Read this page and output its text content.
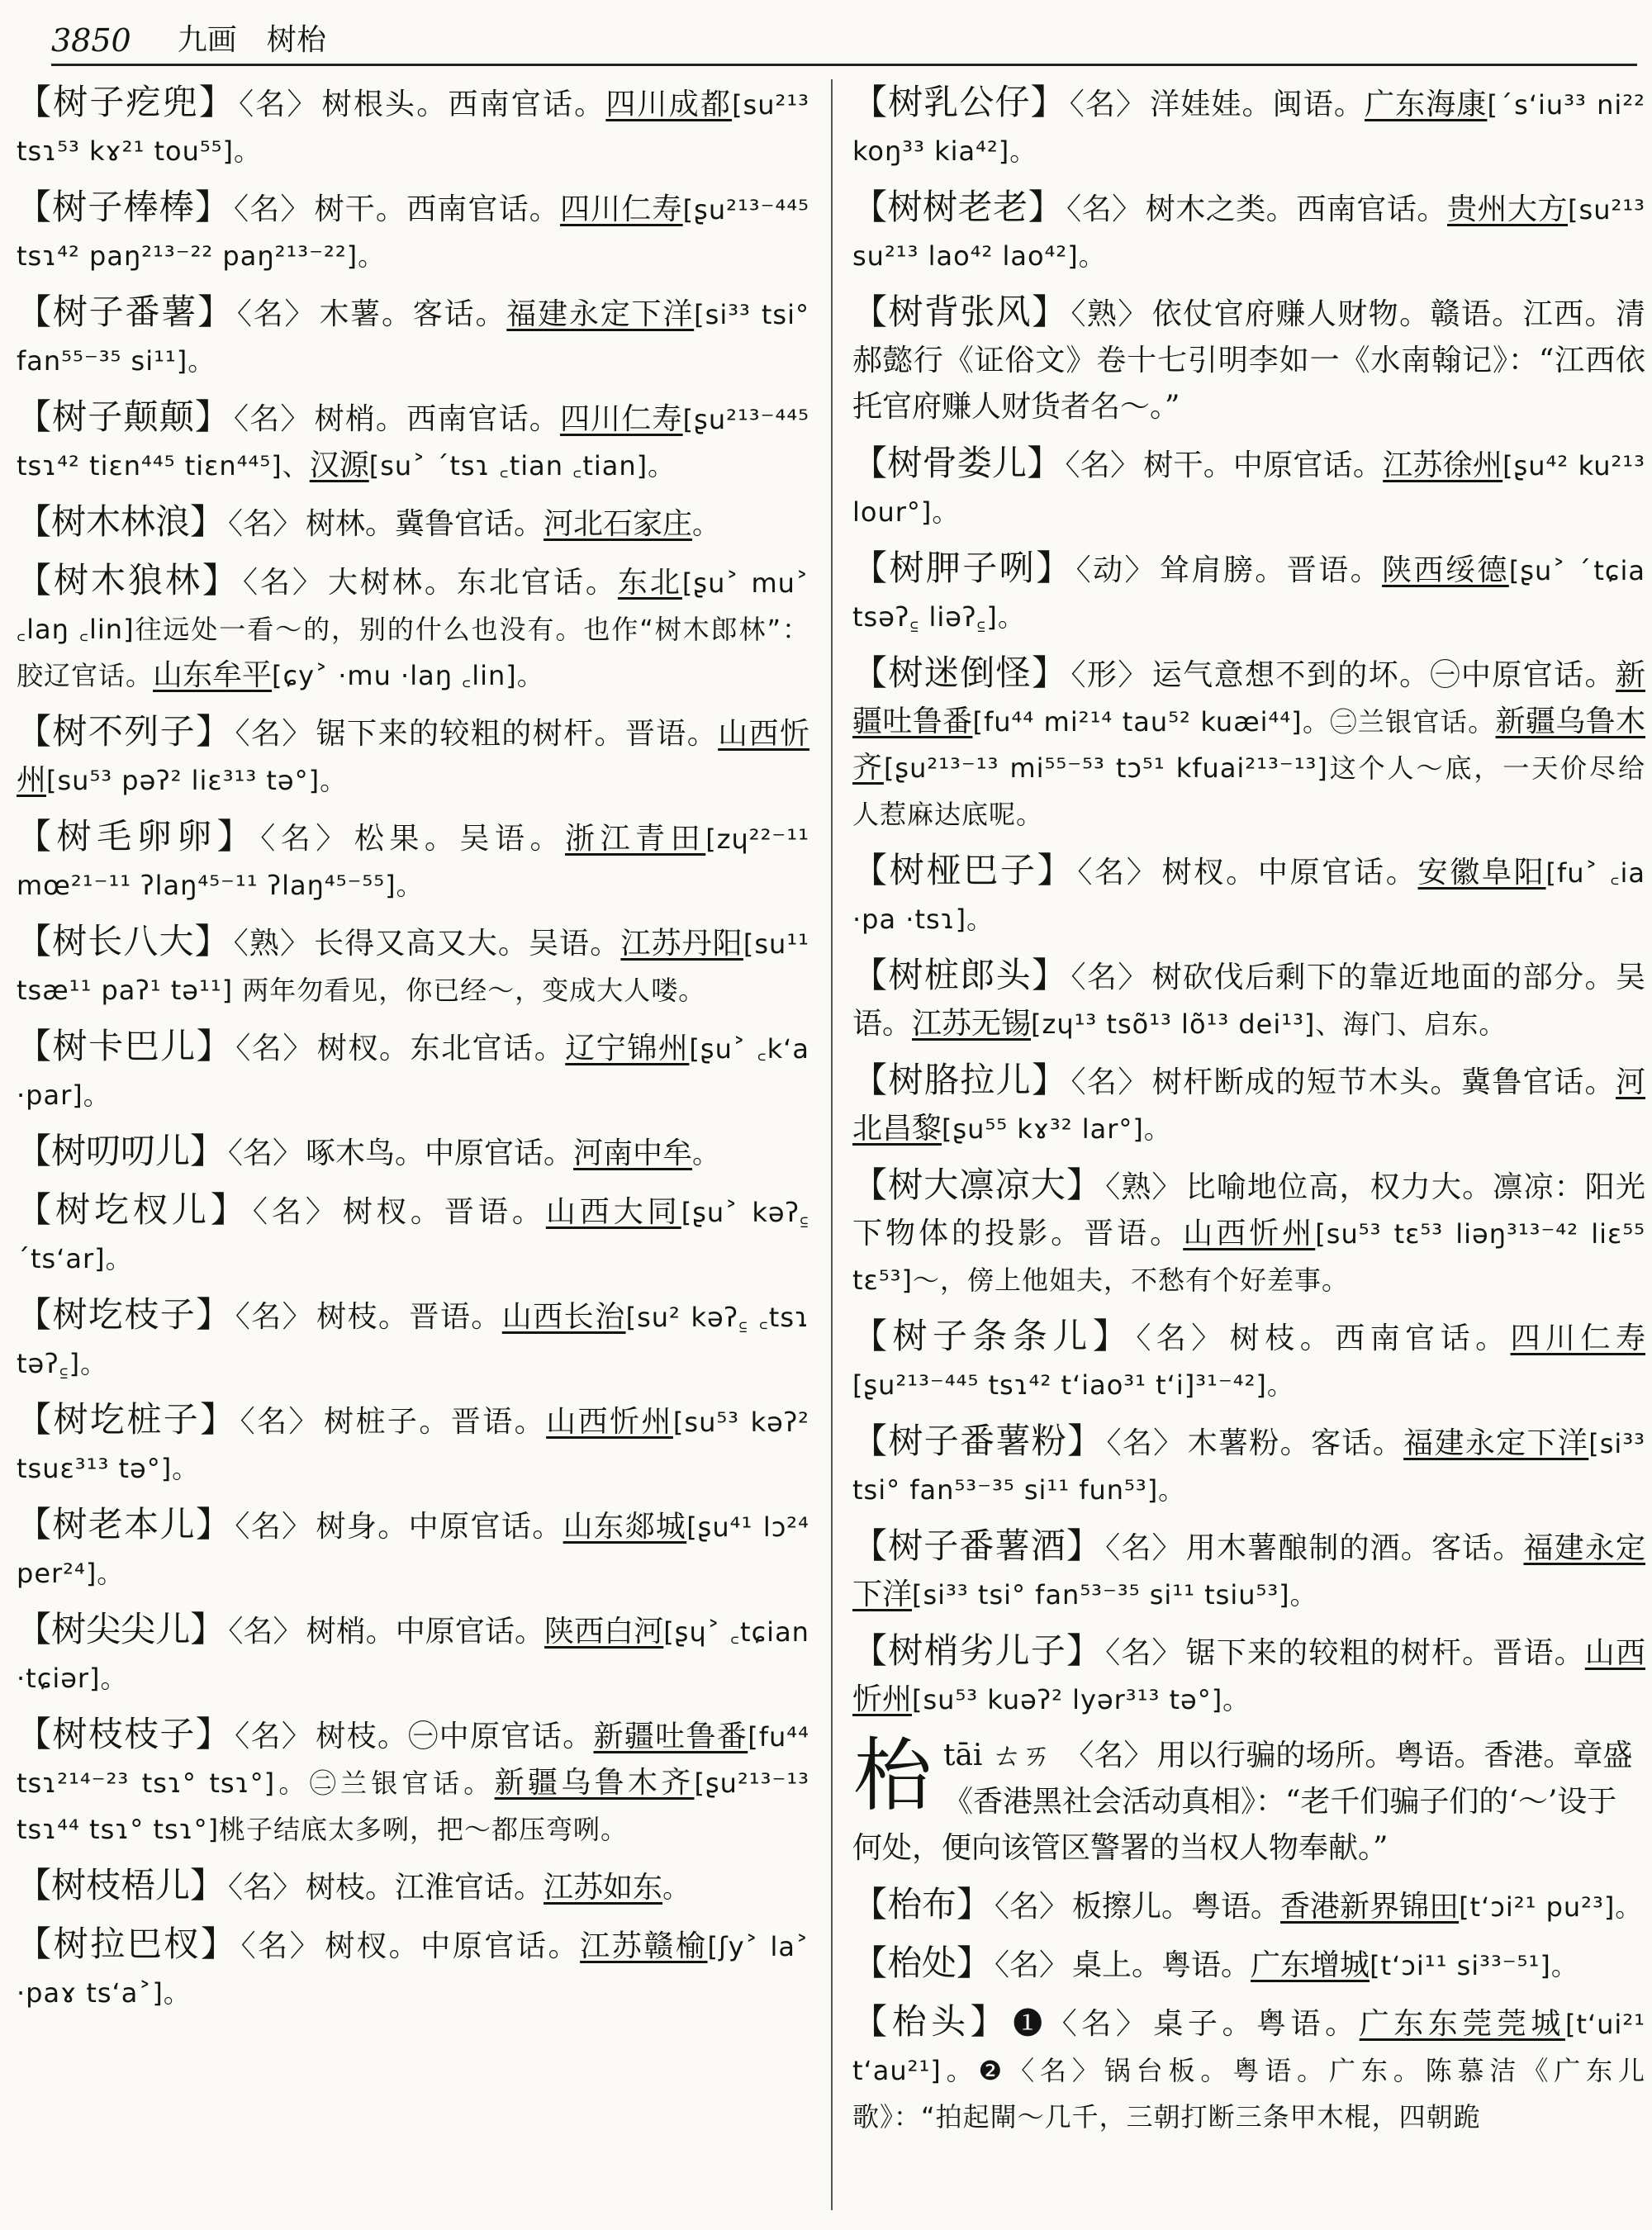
3850 九画 树枱
【树子疙兜】 〈名〉 树根头。西南官话。四川成都[su²¹³ tsɿ⁵³ kɤ²¹ tou⁵⁵]。
【树子棒棒】 〈名〉 树干。西南官话。四川仁寿[ʂu²¹³⁻⁴⁴⁵ tsɿ⁴² paŋ²¹³⁻²² paŋ²¹³⁻²²]。
【树子番薯】 〈名〉 木薯。客话。福建永定下洋[si³³ tsi° fan⁵⁵⁻³⁵ si¹¹]。
【树子颠颠】 〈名〉 树梢。西南官话。四川仁寿[ʂu²¹³⁻⁴⁴⁵ tsɿ⁴² tiɛn⁴⁴⁵ tiɛn⁴⁴⁵]、汉源[su˃ ˊtsɿ ꜀tian ꜀tian]。
【树木林浪】 〈名〉 树林。冀鲁官话。河北石家庄。
【树木狼林】 〈名〉 大树林。东北官话。东北[ʂu˃ mu˃ ꜀laŋ ꜀lin]往远处一看～的，别的什么也没有。也作“树木郎林”：胶辽官话。山东牟平[ɕy˃ ·mu ·laŋ ꜀lin]。
【树不列子】 〈名〉 锯下来的较粗的树杆。晋语。山西忻州[su⁵³ pəʔ² liɛ³¹³ tə°]。
【树毛卵卵】 〈名〉 松果。吴语。浙江青田[zɥ²²⁻¹¹ mœ²¹⁻¹¹ ʔlaŋ⁴⁵⁻¹¹ ʔlaŋ⁴⁵⁻⁵⁵]。
【树长八大】 〈熟〉 长得又高又大。吴语。江苏丹阳[su¹¹ tsæ¹¹ paʔ¹ tə¹¹] 两年勿看见，你已经～，变成大人喽。
【树卡巴儿】 〈名〉 树杈。东北官话。辽宁锦州[ʂu˃ ꜀kʻa ·par]。
【树叨叨儿】 〈名〉 啄木鸟。中原官话。河南中牟。
【树圪杈儿】 〈名〉 树杈。晋语。山西大同[ʂu˃ kəʔ꜁ ˊtsʻar]。
【树圪枝子】 〈名〉 树枝。晋语。山西长治[su² kəʔ꜁ ꜀tsɿ təʔ꜁]。
【树圪桩子】 〈名〉 树桩子。晋语。山西忻州[su⁵³ kəʔ² tsuɛ³¹³ tə°]。
【树老本儿】 〈名〉 树身。中原官话。山东郯城[ʂu⁴¹ lɔ²⁴ per²⁴]。
【树尖尖儿】 〈名〉 树梢。中原官话。陕西白河[ʂɥ˃ ꜀tɕian ·tɕiər]。
【树枝枝子】 〈名〉 树枝。㊀中原官话。新疆吐鲁番[fu⁴⁴ tsɿ²¹⁴⁻²³ tsɿ° tsɿ°]。㊁兰银官话。新疆乌鲁木齐[ʂu²¹³⁻¹³ tsɿ⁴⁴ tsɿ° tsɿ°]桃子结底太多咧，把～都压弯咧。
【树枝梧儿】 〈名〉 树枝。江淮官话。江苏如东。
【树拉巴杈】 〈名〉 树杈。中原官话。江苏赣榆[ʃy˃ la˃ ·paɤ tsʻa˃]。
【树乳公仔】 〈名〉 洋娃娃。闽语。广东海康[ˊsʻiu³³ ni²² koŋ³³ kia⁴²]。
【树树老老】 〈名〉 树木之类。西南官话。贵州大方[su²¹³ su²¹³ lao⁴² lao⁴²]。
【树背张风】 〈熟〉 依仗官府赚人财物。赣语。江西。清郝懿行《证俗文》卷十七引明李如一《水南翰记》：“江西依托官府赚人财货者名～。”
【树骨娄儿】 〈名〉 树干。中原官话。江苏徐州[ʂu⁴² ku²¹³ lour°]。
【树胛子咧】 〈动〉 耸肩膀。晋语。陕西绥德[ʂu˃ ˊtɕia tsəʔ꜁ liəʔ꜁]。
【树迷倒怪】 〈形〉 运气意想不到的坏。㊀中原官话。新疆吐鲁番[fu⁴⁴ mi²¹⁴ tau⁵² kuæi⁴⁴]。㊁兰银官话。新疆乌鲁木齐[ʂu²¹³⁻¹³ mi⁵⁵⁻⁵³ tɔ⁵¹ kfuai²¹³⁻¹³]这个人～底，一天价尽给人惹麻达底呢。
【树桠巴子】 〈名〉 树杈。中原官话。安徽阜阳[fu˃ ꜀ia ·pa ·tsɿ]。
【树桩郎头】 〈名〉 树砍伐后剩下的靠近地面的部分。吴语。江苏无锡[zɥ¹³ tsõ¹³ lõ¹³ dei¹³]、海门、启东。
【树胳拉儿】 〈名〉 树杆断成的短节木头。冀鲁官话。河北昌黎[ʂu⁵⁵ kɤ³² lar°]。
【树大凛凉大】 〈熟〉 比喻地位高，权力大。凛凉：阳光下物体的投影。晋语。山西忻州[su⁵³ tɛ⁵³ liəŋ³¹³⁻⁴² liɛ⁵⁵ tɛ⁵³]～，傍上他姐夫，不愁有个好差事。
【树子条条儿】 〈名〉 树枝。西南官话。四川仁寿[ʂu²¹³⁻⁴⁴⁵ tsɿ⁴² tʻiao³¹ tʻi]³¹⁻⁴²]。
【树子番薯粉】 〈名〉 木薯粉。客话。福建永定下洋[si³³ tsi° fan⁵³⁻³⁵ si¹¹ fun⁵³]。
【树子番薯酒】 〈名〉 用木薯酿制的酒。客话。福建永定下洋[si³³ tsi° fan⁵³⁻³⁵ si¹¹ tsiu⁵³]。
【树梢劣儿子】 〈名〉 锯下来的较粗的树杆。晋语。山西忻州[su⁵³ kuəʔ² lyər³¹³ tə°]。
枱 tāi ㄊㄞ 〈名〉 用以行骗的场所。粤语。香港。章盛《香港黑社会活动真相》：“老千们骗子们的‘～’设于何处，便向该管区警署的当权人物奉献。”
【枱布】 〈名〉 板擦儿。粤语。香港新界锦田[tʻɔi²¹ pu²³]。
【枱处】 〈名〉 桌上。粤语。广东增城[tʻɔi¹¹ si³³⁻⁵¹]。
【枱头】 ❶〈名〉 桌子。粤语。广东东莞莞城[tʻui²¹ tʻau²¹]。❷〈名〉锅台板。粤语。广东。陈慕洁《广东儿歌》：“拍起閘～几千，三朝打断三条甲木棍，四朝跪
